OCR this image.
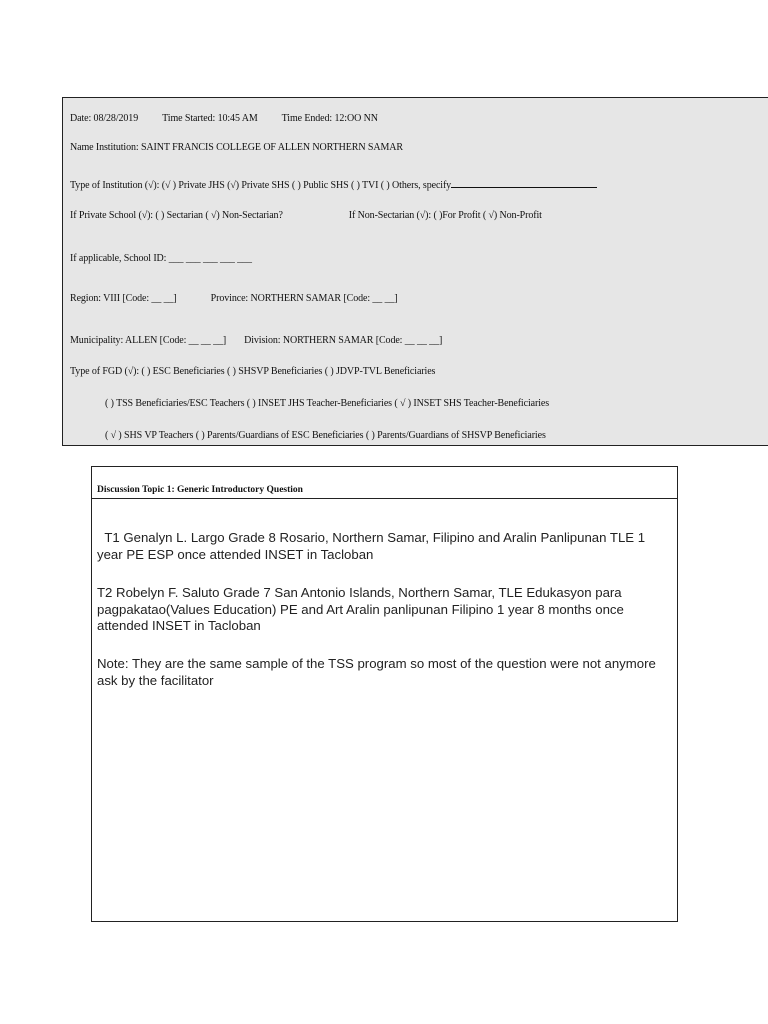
Date: 08/28/2019 Time Started: 10:45 AM Time Ended: 12:OO NN
Name Institution: SAINT FRANCIS COLLEGE OF ALLEN NORTHERN SAMAR
Type of Institution (√): (√ ) Private JHS (√) Private SHS ( ) Public SHS ( ) TVI ( ) Others, specify
If Private School (√): ( ) Sectarian ( √) Non-Sectarian?	If Non-Sectarian (√): ( )For Profit ( √) Non-Profit
If applicable, School ID: ___ ___ ___ ___ ___
Region: VIII [Code: __ __]	Province: NORTHERN SAMAR [Code: __ __]
Municipality: ALLEN [Code: __ __ __] Division: NORTHERN SAMAR [Code: __ __ __]
Type of FGD (√): ( ) ESC Beneficiaries ( ) SHSVP Beneficiaries ( ) JDVP-TVL Beneficiaries
( ) TSS Beneficiaries/ESC Teachers ( ) INSET JHS Teacher-Beneficiaries ( √ ) INSET SHS Teacher-Beneficiaries
( √ ) SHS VP Teachers ( ) Parents/Guardians of ESC Beneficiaries ( ) Parents/Guardians of SHSVP Beneficiaries
Discussion Topic 1: Generic Introductory Question

T1 Genalyn L. Largo Grade 8 Rosario, Northern Samar, Filipino and Aralin Panlipunan TLE 1 year PE ESP once attended INSET in Tacloban

T2 Robelyn F. Saluto Grade 7 San Antonio Islands, Northern Samar, TLE Edukasyon para pagpakatao(Values Education) PE and Art Aralin panlipunan Filipino 1 year 8 months once attended INSET in Tacloban

Note: They are the same sample of the TSS program so most of the question were not anymore ask by the facilitator
